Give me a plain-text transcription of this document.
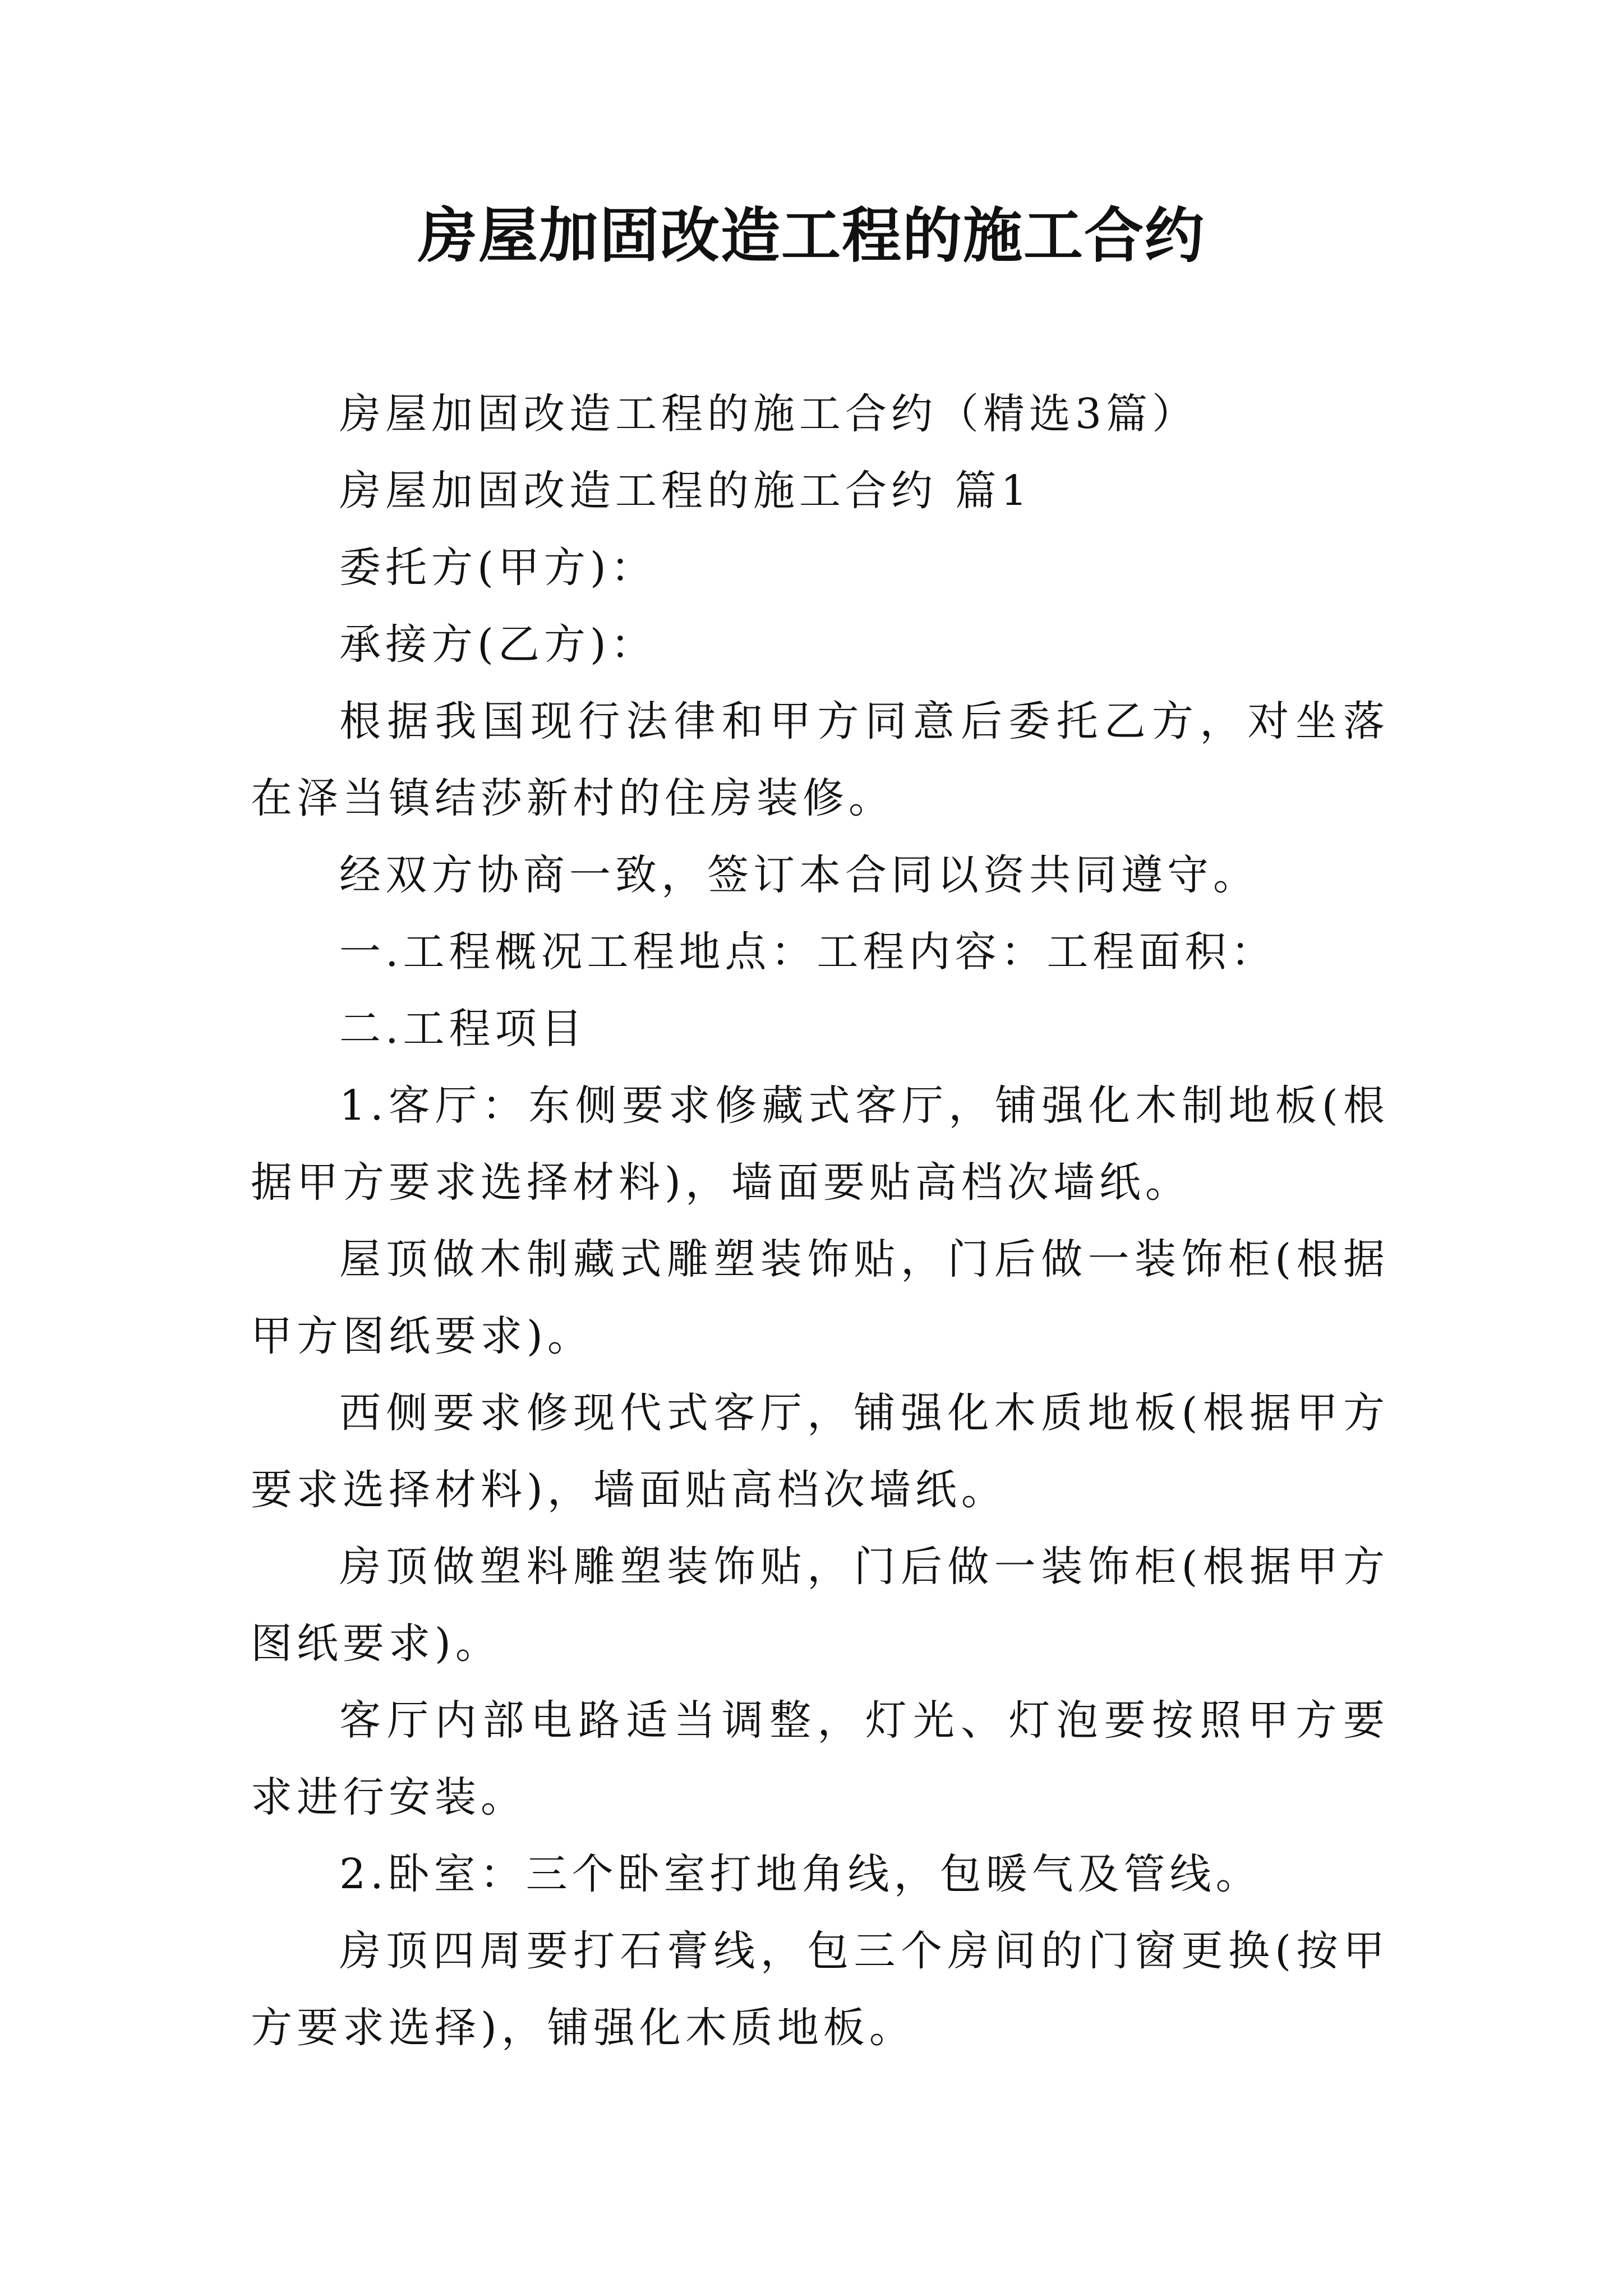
房屋加固改造工程的施工合约

房屋加固改造工程的施工合约（精选3篇）

房屋加固改造工程的施工合约 篇1

委托方(甲方)：

承接方(乙方)：

根据我国现行法律和甲方同意后委托乙方，对坐落在泽当镇结莎新村的住房装修。

经双方协商一致，签订本合同以资共同遵守。

一.工程概况工程地点：工程内容：工程面积：

二.工程项目

1.客厅：东侧要求修藏式客厅，铺强化木制地板(根据甲方要求选择材料)，墙面要贴高档次墙纸。

屋顶做木制藏式雕塑装饰贴，门后做一装饰柜(根据甲方图纸要求)。

西侧要求修现代式客厅，铺强化木质地板(根据甲方要求选择材料)，墙面贴高档次墙纸。

房顶做塑料雕塑装饰贴，门后做一装饰柜(根据甲方图纸要求)。

客厅内部电路适当调整，灯光、灯泡要按照甲方要求进行安装。

2.卧室：三个卧室打地角线，包暖气及管线。

房顶四周要打石膏线，包三个房间的门窗更换(按甲方要求选择)，铺强化木质地板。
